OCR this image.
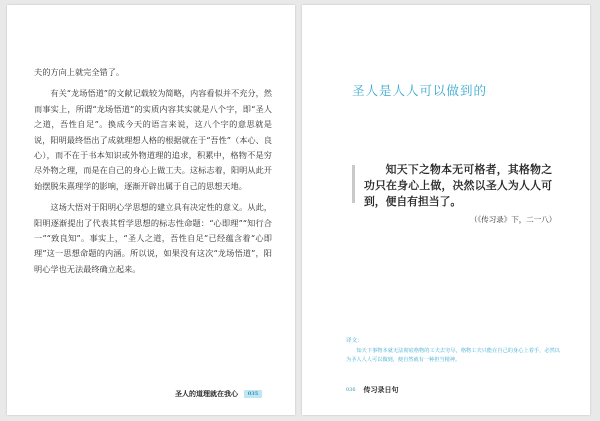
夫的方向上就完全错了。

有关“龙场悟道”的文献记载较为简略，内容看似并不充分，然而事实上，所谓“龙场悟道”的实质内容其实就是八个字，即“圣人之道，吾性自足”。换成今天的语言来说，这八个字的意思就是说，阳明最终悟出了成就理想人格的根据就在于“吾性”（本心、良心），而不在于书本知识或外物道理的追求，积累中，格物不是穷尽外物之理，而是在自己的身心上做工夫。这标志着，阳明从此开始摆脱朱熹理学的影响，逐渐开辟出属于自己的思想天地。

这场大悟对于阳明心学思想的建立具有决定性的意义。从此，阳明逐渐提出了代表其哲学思想的标志性命题：“心即理”“知行合一”“致良知”。事实上，“圣人之道，吾性自足”已经蕴含着“心即理”这一思想命题的内涵。所以说，如果没有这次“龙场悟道”，阳明心学也无法最终确立起来。

圣人的道理就在我心	035
圣人是人人可以做到的
知天下之物本无可格者，其格物之功只在身心上做，决然以圣人为人人可到，便自有担当了。
（《传习录》下，二一八）
译文：
知天下事物本就无法彻底格物的工夫去穷尽，格物工夫只能在自己的身心上着手，必然以为圣人人人可以做到，便自然就有一种担当精神。
036 传习录日句
